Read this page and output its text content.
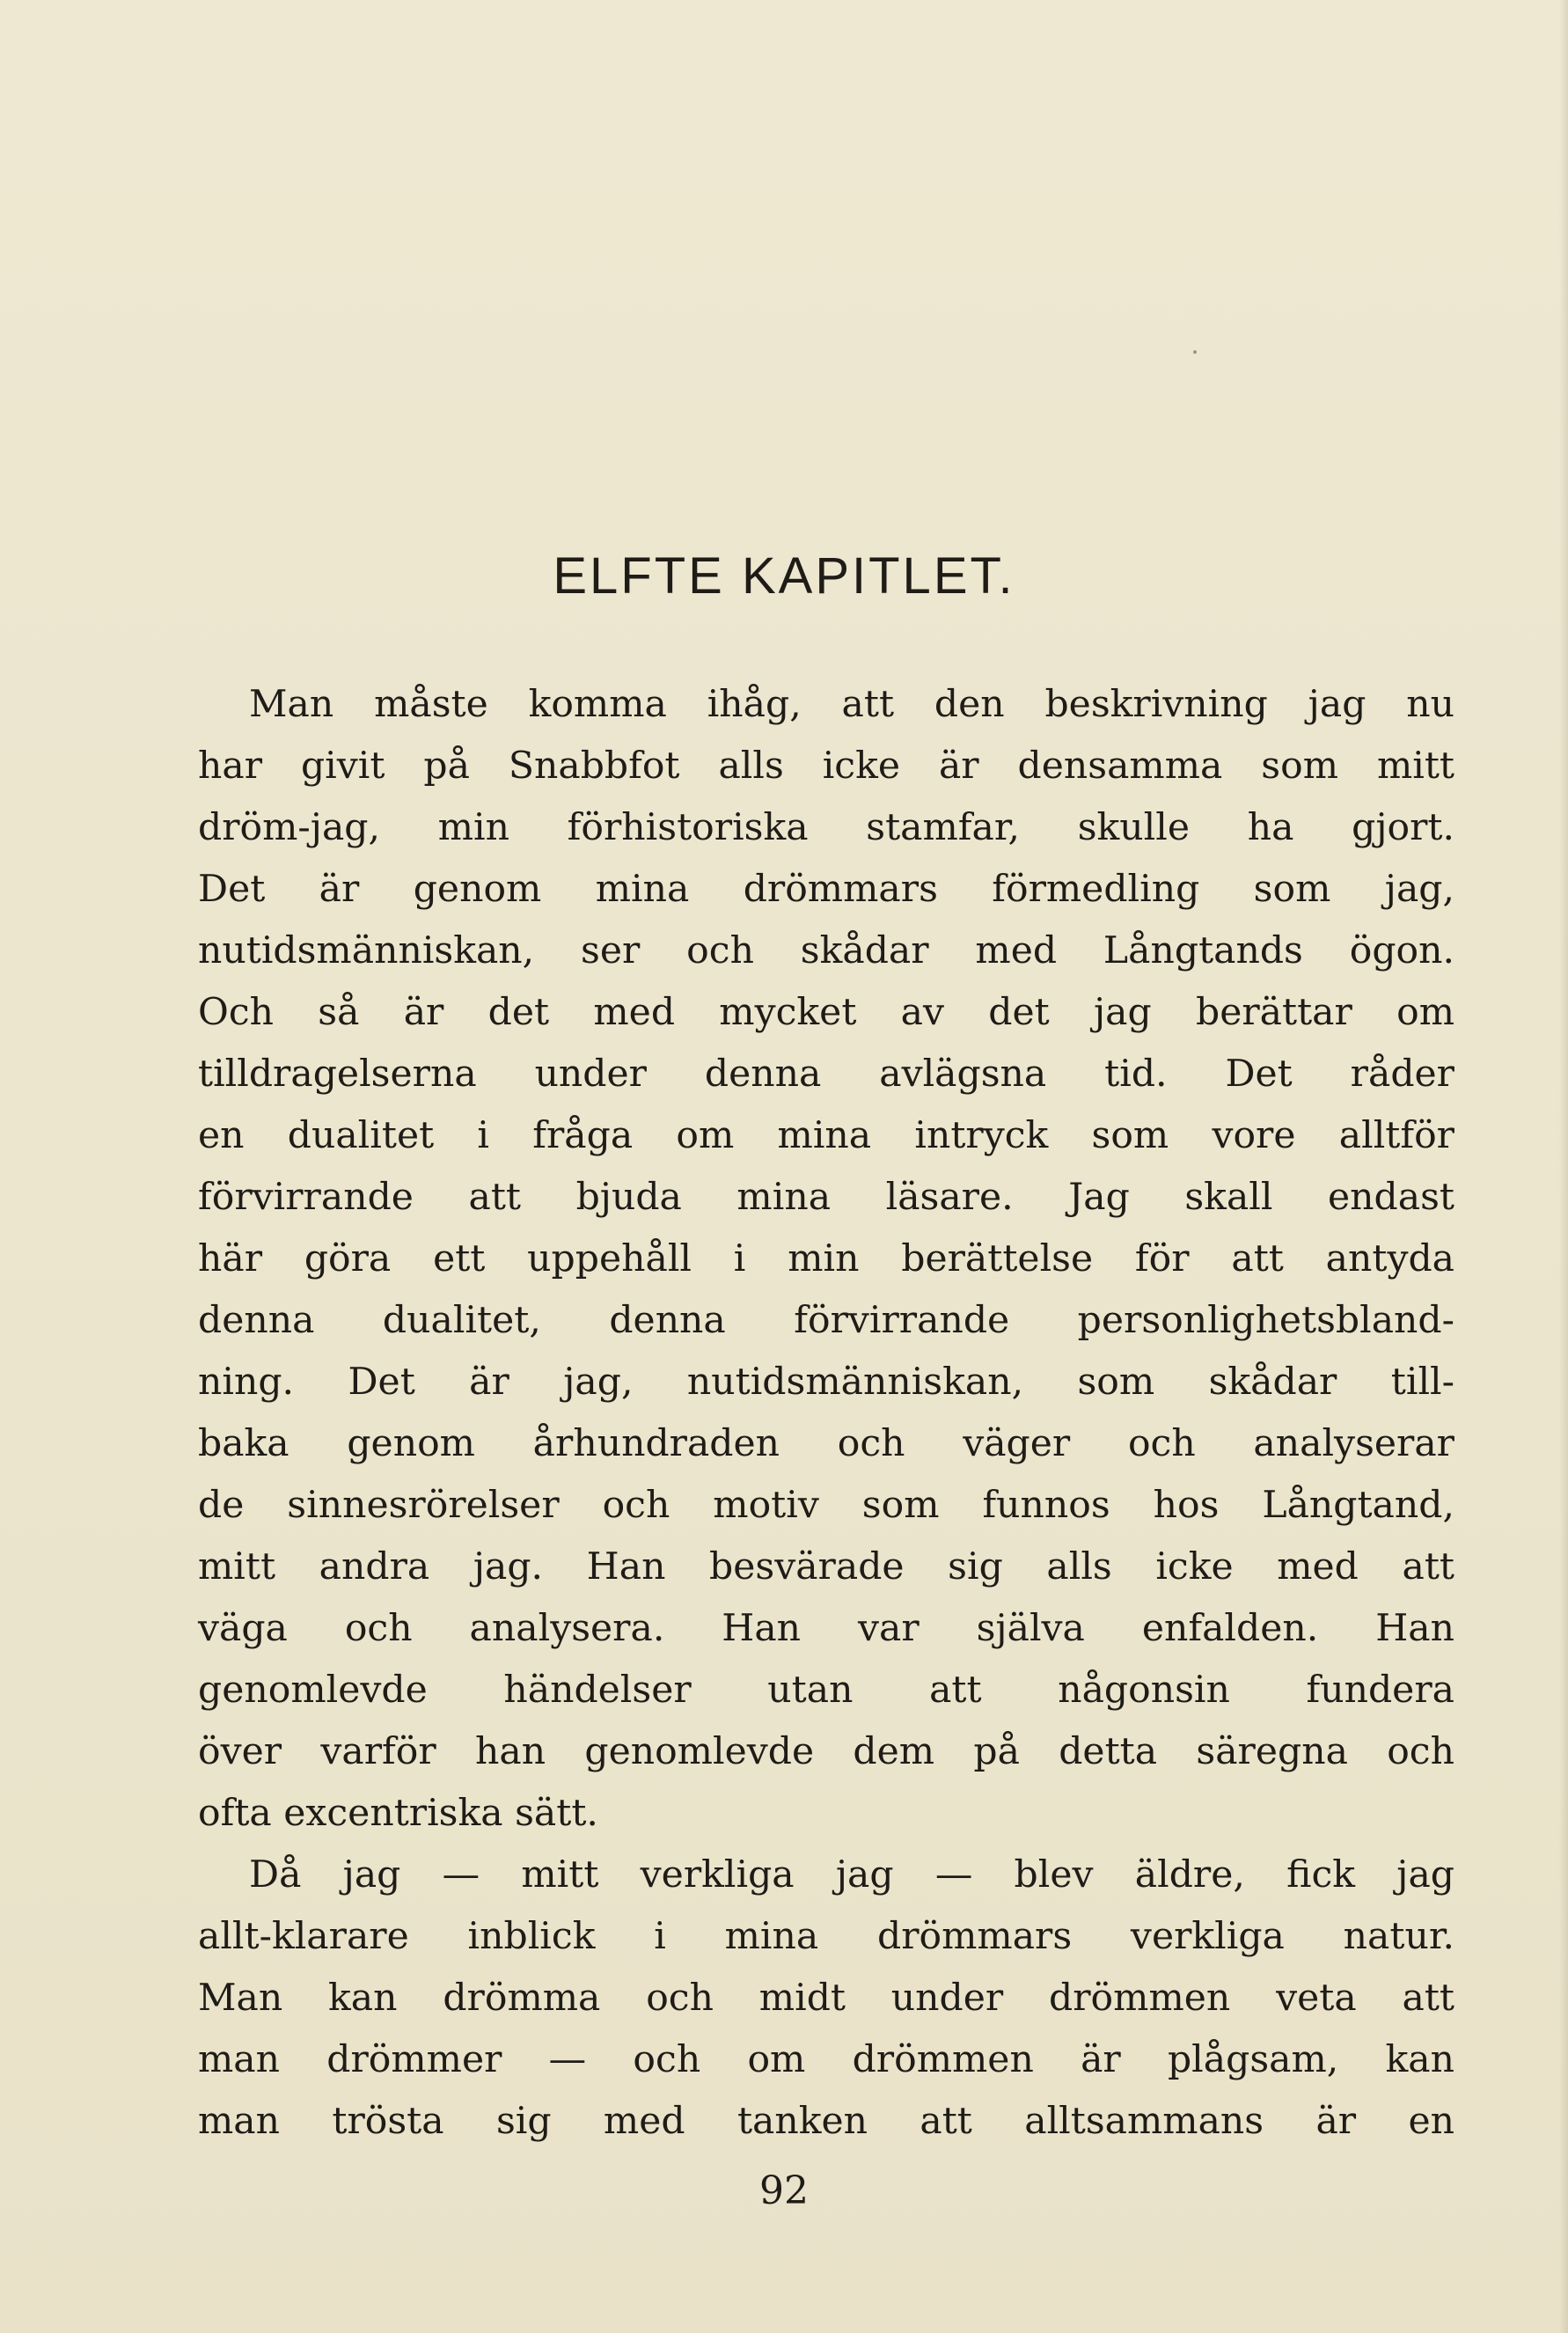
ELFTE KAPITLET.
Man måste komma ihåg, att den beskrivning jag nu
har givit på Snabbfot alls icke är densamma som mitt
dröm-jag, min förhistoriska stamfar, skulle ha gjort.
Det är genom mina drömmars förmedling som jag,
nutidsmänniskan, ser och skådar med Långtands ögon.
Och så är det med mycket av det jag berättar om
tilldragelserna under denna avlägsna tid. Det råder
en dualitet i fråga om mina intryck som vore alltför
förvirrande att bjuda mina läsare. Jag skall endast
här göra ett uppehåll i min berättelse för att antyda
denna dualitet, denna förvirrande personlighetsbland-
ning. Det är jag, nutidsmänniskan, som skådar till-
baka genom århundraden och väger och analyserar
de sinnesrörelser och motiv som funnos hos Långtand,
mitt andra jag. Han besvärade sig alls icke med att
väga och analysera. Han var själva enfalden. Han
genomlevde händelser utan att någonsin fundera
över varför han genomlevde dem på detta säregna och
ofta excentriska sätt.
Då jag — mitt verkliga jag — blev äldre, fick jag
allt-klarare inblick i mina drömmars verkliga natur.
Man kan drömma och midt under drömmen veta att
man drömmer — och om drömmen är plågsam, kan
man trösta sig med tanken att alltsammans är en
92
